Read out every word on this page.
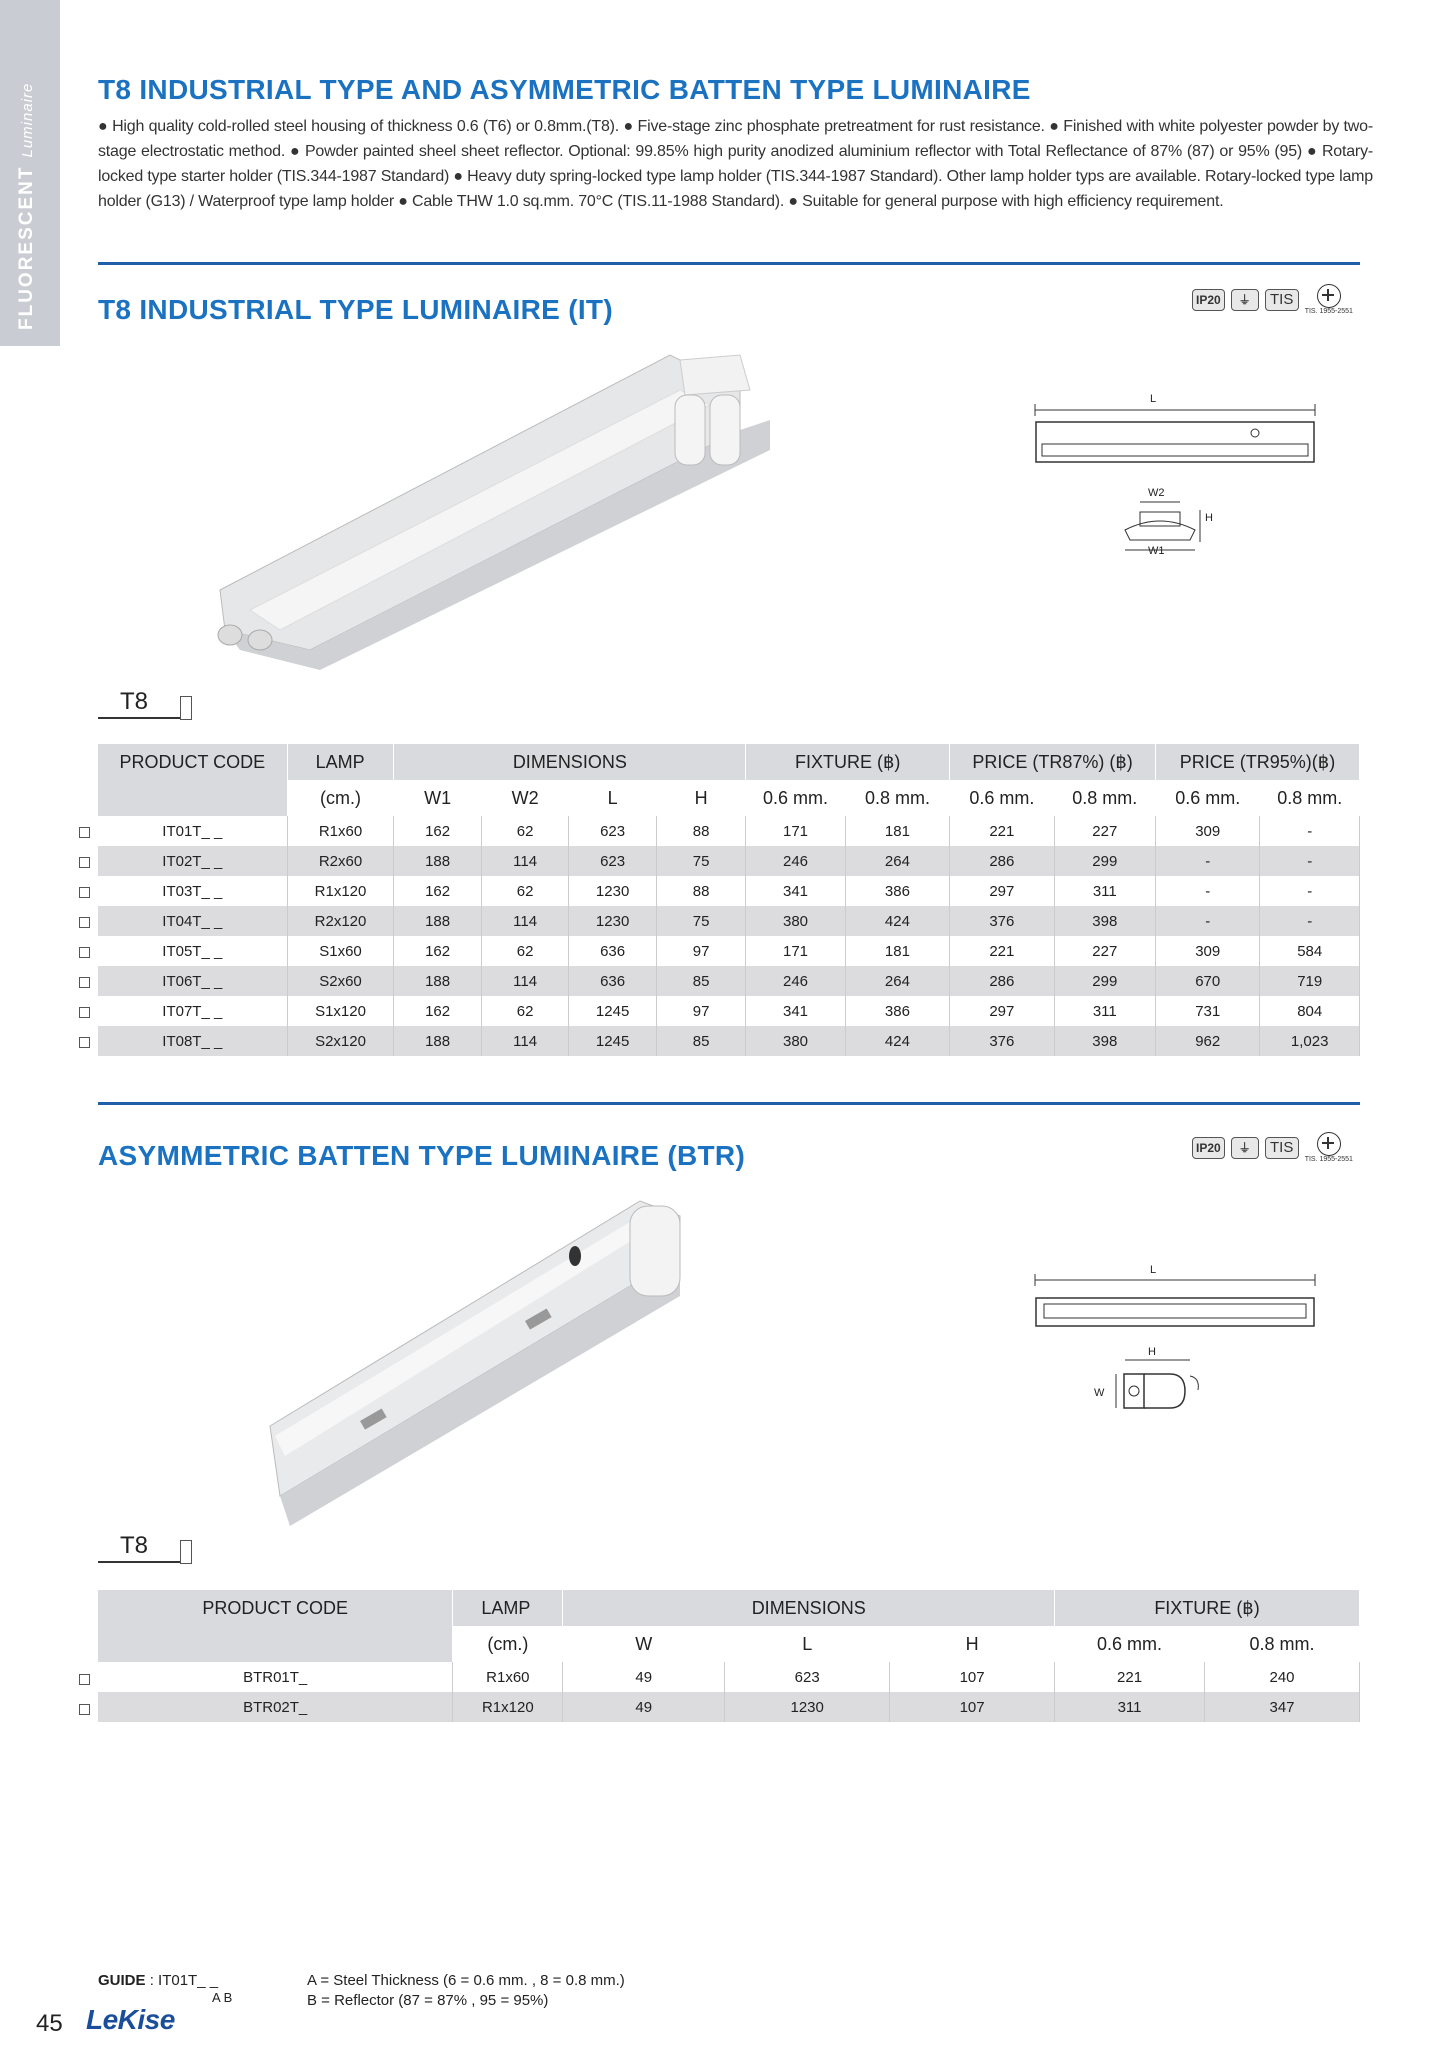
FLUORESCENTLuminaire T8 INDUSTRIAL TYPE AND ASYMMETRIC BATTEN TYPE LUMINAIRE
● High quality cold-rolled steel housing of thickness 0.6 (T6) or 0.8mm.(T8). ● Five-stage zinc phosphate pretreatment for rust resistance. ● Finished with white polyester powder by two-stage electrostatic method. ● Powder painted sheel sheet reflector. Optional: 99.85% high purity anodized aluminium reflector with Total Reflectance of 87% (87) or 95% (95) ● Rotary-locked type starter holder (TIS.344-1987 Standard) ● Heavy duty spring-locked type lamp holder (TIS.344-1987 Standard). Other lamp holder typs are available. Rotary-locked type lamp holder (G13) / Waterproof type lamp holder ● Cable THW 1.0 sq.mm. 70°C (TIS.11-1988 Standard). ● Suitable for general purpose with high efficiency requirement.
T8 INDUSTRIAL TYPE LUMINAIRE (IT)	IP20	⏚	TIS
TIS. 1955-2551
L
W2
H
W1
T8
PRODUCT CODE	LAMP	DIMENSIONS				FIXTURE (฿)		PRICE (TR87%) (฿)		PRICE (TR95%)(฿)	
	(cm.)	W1	W2	L	H	0.6 mm.	0.8 mm.	0.6 mm.	0.8 mm.	0.6 mm.	0.8 mm.
IT01T_ _	R1x60	162	62	623	88	171	181	221	227	309	-
IT02T_ _	R2x60	188	114	623	75	246	264	286	299	-	-
IT03T_ _	R1x120	162	62	1230	88	341	386	297	311	-	-
IT04T_ _	R2x120	188	114	1230	75	380	424	376	398	-	-
IT05T_ _	S1x60	162	62	636	97	171	181	221	227	309	584
IT06T_ _	S2x60	188	114	636	85	246	264	286	299	670	719
IT07T_ _	S1x120	162	62	1245	97	341	386	297	311	731	804
IT08T_ _	S2x120	188	114	1245	85	380	424	376	398	962	1,023
ASYMMETRIC BATTEN TYPE LUMINAIRE (BTR)	IP20	⏚	TIS
TIS. 1955-2551
L
H
W
T8
PRODUCT CODE	LAMP	DIMENSIONS			FIXTURE (฿)	
	(cm.)	W	L	H	0.6 mm.	0.8 mm.
BTR01T_	R1x60	49	623	107	221	240
BTR02T_	R1x120	49	1230	107	311	347
GUIDE : IT01T_ _
A B
A = Steel Thickness (6 = 0.6 mm. , 8 = 0.8 mm.)
B = Reflector (87 = 87% , 95 = 95%)
45 LeKise
